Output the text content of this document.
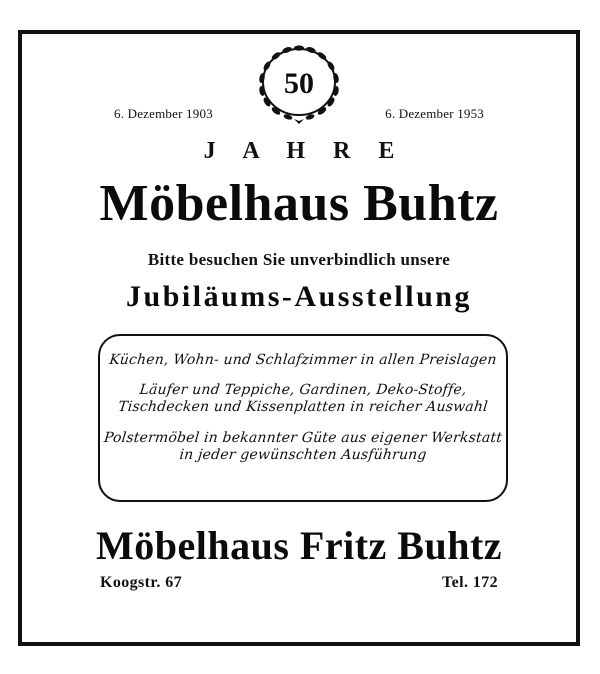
50
6. Dezember 1903	6. Dezember 1953
J A H R E
Möbelhaus Buhtz
Bitte besuchen Sie unverbindlich unsere
Jubiläums-Ausstellung
Küchen, Wohn- und Schlafzimmer in allen Preislagen
Läufer und Teppiche, Gardinen, Deko-Stoffe,
Tischdecken und Kissenplatten in reicher Auswahl
Polstermöbel in bekannter Güte aus eigener Werkstatt
in jeder gewünschten Ausführung
Möbelhaus Fritz Buhtz
Koogstr. 67	Tel. 172
